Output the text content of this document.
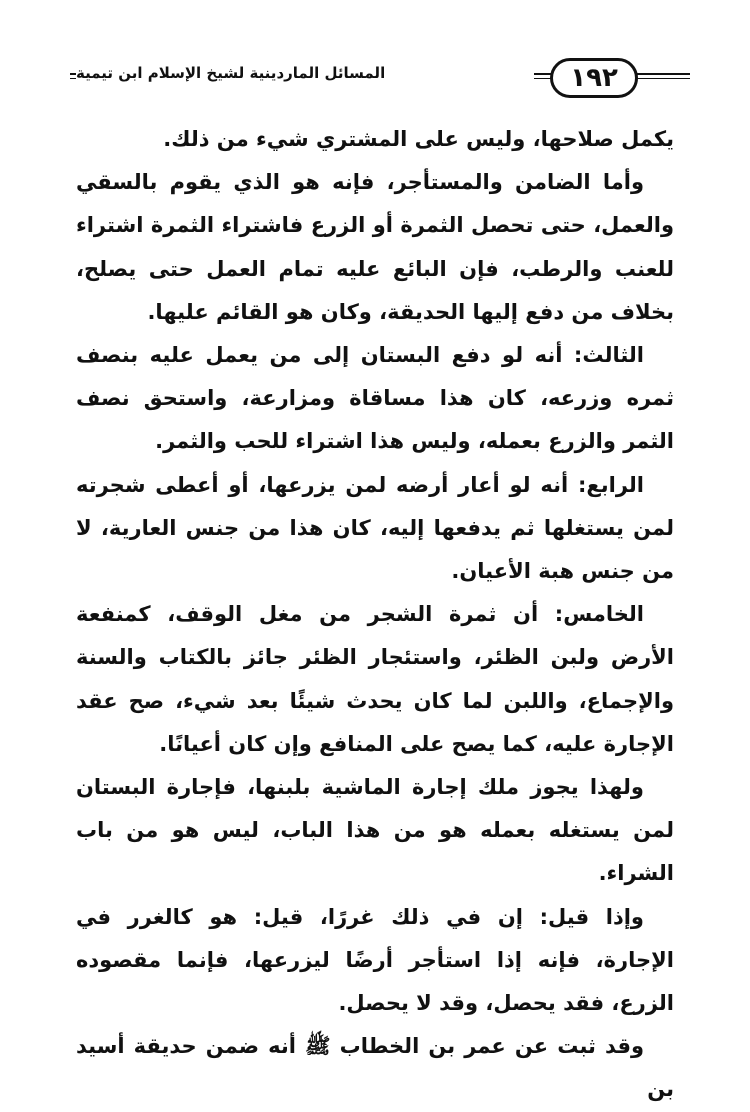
المسائل الماردينية لشيخ الإسلام ابن تيمية	١٩٢

يكمل صلاحها، وليس على المشتري شيء من ذلك.

وأما الضامن والمستأجر، فإنه هو الذي يقوم بالسقي والعمل، حتى تحصل الثمرة أو الزرع فاشتراء الثمرة اشتراء للعنب والرطب، فإن البائع عليه تمام العمل حتى يصلح، بخلاف من دفع إليها الحديقة، وكان هو القائم عليها.

الثالث: أنه لو دفع البستان إلى من يعمل عليه بنصف ثمره وزرعه، كان هذا مساقاة ومزارعة، واستحق نصف الثمر والزرع بعمله، وليس هذا اشتراء للحب والثمر.

الرابع: أنه لو أعار أرضه لمن يزرعها، أو أعطى شجرته لمن يستغلها ثم يدفعها إليه، كان هذا من جنس العارية، لا من جنس هبة الأعيان.

الخامس: أن ثمرة الشجر من مغل الوقف، كمنفعة الأرض ولبن الظئر، واستئجار الظئر جائز بالكتاب والسنة والإجماع، واللبن لما كان يحدث شيئًا بعد شيء، صح عقد الإجارة عليه، كما يصح على المنافع وإن كان أعيانًا.

ولهذا يجوز ملك إجارة الماشية بلبنها، فإجارة البستان لمن يستغله بعمله هو من هذا الباب، ليس هو من باب الشراء.

وإذا قيل: إن في ذلك غررًا، قيل: هو كالغرر في الإجارة، فإنه إذا استأجر أرضًا ليزرعها، فإنما مقصوده الزرع، فقد يحصل، وقد لا يحصل.

وقد ثبت عن عمر بن الخطاب ﷺ أنه ضمن حديقة أسيد بن
